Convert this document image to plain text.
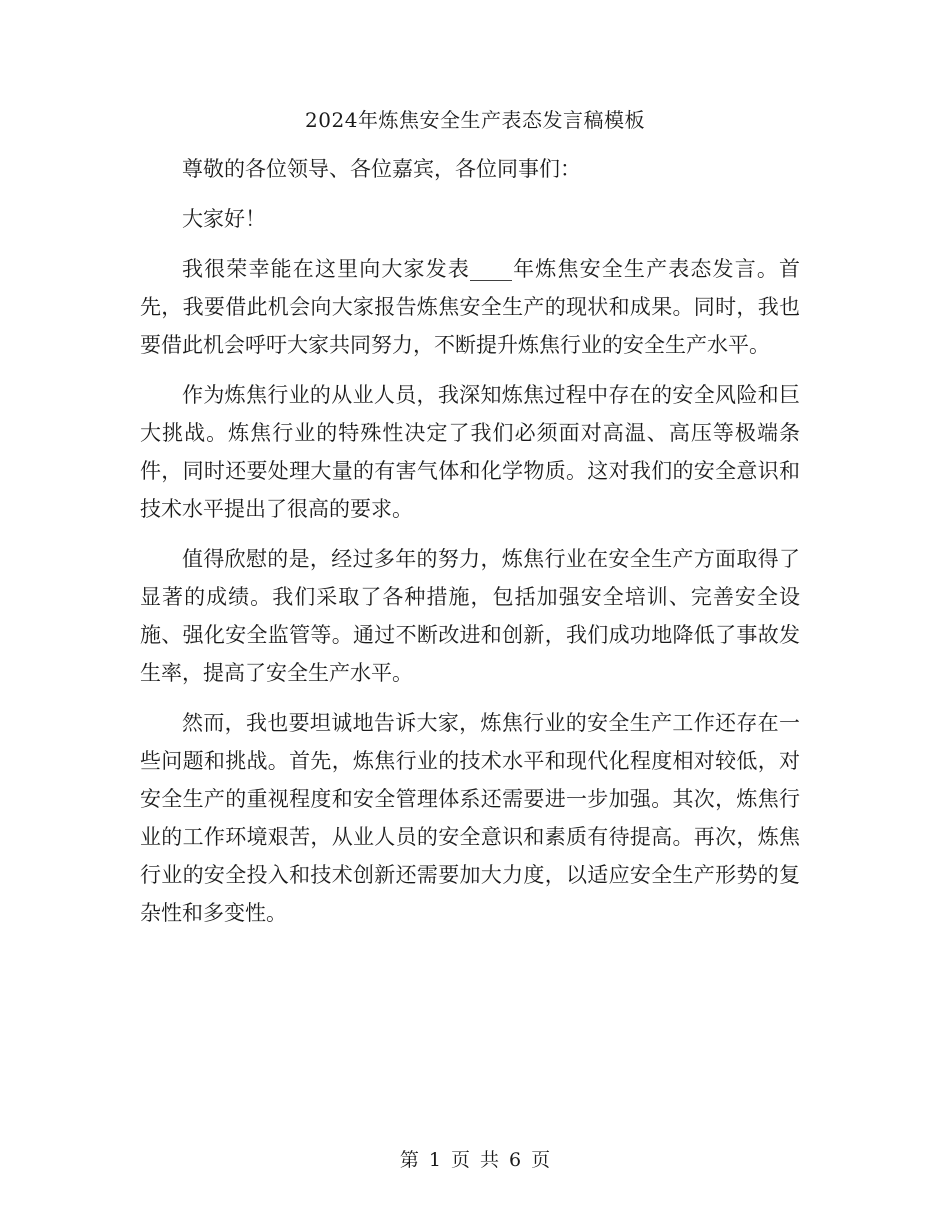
2024年炼焦安全生产表态发言稿模板

尊敬的各位领导、各位嘉宾，各位同事们：

大家好！

我很荣幸能在这里向大家发表____年炼焦安全生产表态发言。首先，我要借此机会向大家报告炼焦安全生产的现状和成果。同时，我也要借此机会呼吁大家共同努力，不断提升炼焦行业的安全生产水平。

作为炼焦行业的从业人员，我深知炼焦过程中存在的安全风险和巨大挑战。炼焦行业的特殊性决定了我们必须面对高温、高压等极端条件，同时还要处理大量的有害气体和化学物质。这对我们的安全意识和技术水平提出了很高的要求。

值得欣慰的是，经过多年的努力，炼焦行业在安全生产方面取得了显著的成绩。我们采取了各种措施，包括加强安全培训、完善安全设施、强化安全监管等。通过不断改进和创新，我们成功地降低了事故发生率，提高了安全生产水平。

然而，我也要坦诚地告诉大家，炼焦行业的安全生产工作还存在一些问题和挑战。首先，炼焦行业的技术水平和现代化程度相对较低，对安全生产的重视程度和安全管理体系还需要进一步加强。其次，炼焦行业的工作环境艰苦，从业人员的安全意识和素质有待提高。再次，炼焦行业的安全投入和技术创新还需要加大力度，以适应安全生产形势的复杂性和多变性。

第 1 页 共 6 页
